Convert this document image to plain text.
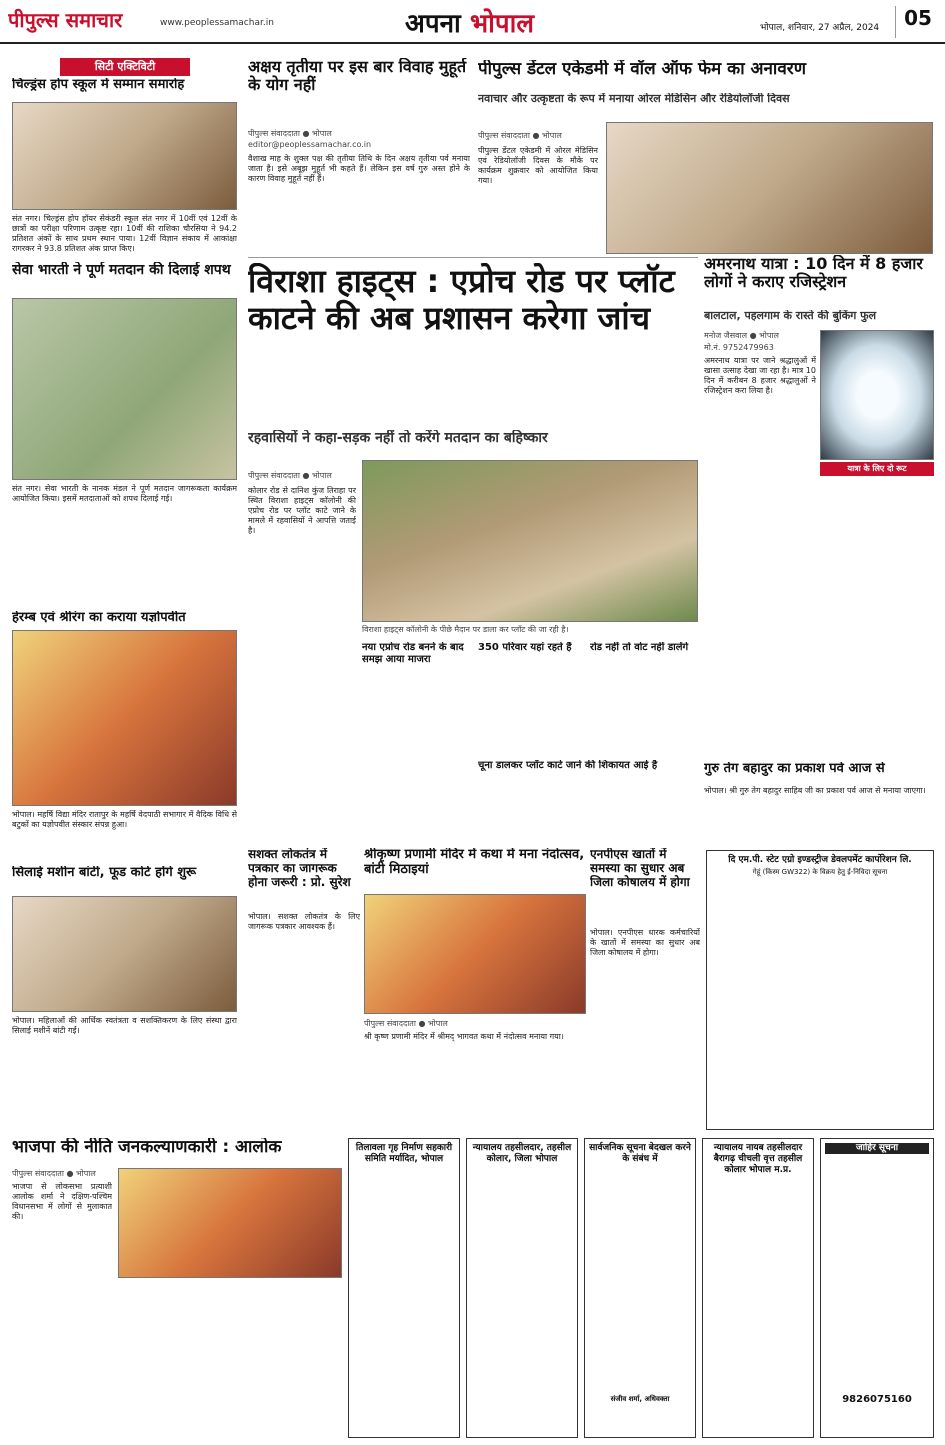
पीपुल्स समाचार	www.peoplessamachar.in	अपना भोपाल	भोपाल, शनिवार, 27 अप्रैल, 2024	05
सिटी एक्टिविटी
चिल्ड्रंस होप स्कूल में सम्मान समारोह
संत नगर। चिल्ड्रंस होप हॉयर सेकंडरी स्कूल संत नगर में 10वीं एवं 12वीं के छात्रों का परीक्षा परिणाम उत्कृष्ट रहा। 10वीं की राशिका चौरसिया ने 94.2 प्रतिशत अंकों के साथ प्रथम स्थान पाया। 12वीं विज्ञान संकाय में आकांक्षा रागरकर ने 93.8 प्रतिशत अंक प्राप्त किए।
सेवा भारती ने पूर्ण मतदान की दिलाई शपथ
संत नगर। सेवा भारती के नानक मंडल ने पूर्ण मतदान जागरूकता कार्यक्रम आयोजित किया। इसमें मतदाताओं को शपथ दिलाई गई।
हेरम्ब एवं श्रीरंग का कराया यज्ञोपवीत
भोपाल। महर्षि विद्या मंदिर रातापुर के महर्षि वेदपाठी सभागार में वैदिक विधि से बटुकों का यज्ञोपवीत संस्कार संपन्न हुआ।
सिलाई मशीन बांटी, फूड कोर्ट होंगे शुरू
भोपाल। महिलाओं की आर्थिक स्वतंत्रता व सशक्तिकरण के लिए संस्था द्वारा सिलाई मशीनें बांटी गईं।
अक्षय तृतीया पर इस बार विवाह मुहूर्त के योग नहीं
पीपुल्स संवाददाता ● भोपाल
editor@peoplessamachar.co.in
वैशाख माह के शुक्ल पक्ष की तृतीया तिथि के दिन अक्षय तृतीया पर्व मनाया जाता है। इसे अबूझ मुहूर्त भी कहते हैं। लेकिन इस वर्ष गुरु अस्त होने के कारण विवाह मुहूर्त नहीं हैं।
पीपुल्स डेंटल एकेडमी में वॉल ऑफ फेम का अनावरण
नवाचार और उत्कृष्टता के रूप में मनाया ओरल मेडिसिन और रेडियोलॉजी दिवस
पीपुल्स संवाददाता ● भोपाल
पीपुल्स डेंटल एकेडमी में ओरल मेडिसिन एवं रेडियोलॉजी दिवस के मौके पर कार्यक्रम शुक्रवार को आयोजित किया गया।
विराशा हाइट्स : एप्रोच रोड पर प्लॉट काटने की अब प्रशासन करेगा जांच
रहवासियों ने कहा-सड़क नहीं तो करेंगे मतदान का बहिष्कार
पीपुल्स संवाददाता ● भोपाल
कोलार रोड से दानिश कुंज तिराहा पर स्थित विराशा हाइट्स कॉलोनी की एप्रोच रोड पर प्लॉट काटे जाने के मामले में रहवासियों ने आपत्ति जताई है।
विराशा हाइट्स कॉलोनी के पीछे मैदान पर डाला कर प्लॉट की जा रही है।
नया एप्रोच रोड बनने के बाद समझ आया माजरा
350 परिवार यहां रहते हैं	रोड नहीं तो वोट नहीं डालेंगे
चूना डालकर प्लॉट काटे जाने की शिकायत आई है
अमरनाथ यात्रा : 10 दिन में 8 हजार लोगों ने कराए रजिस्ट्रेशन
बालटाल, पहलगाम के रास्ते की बुकिंग फुल
मनोज जैसवाल ● भोपाल
मो.नं. 9752479963
अमरनाथ यात्रा पर जाने श्रद्धालुओं में खासा उत्साह देखा जा रहा है। मात्र 10 दिन में करीबन 8 हजार श्रद्धालुओं ने रजिस्ट्रेशन करा लिया है।
यात्रा के लिए दो रूट
गुरु तेग बहादुर का प्रकाश पर्व आज से
भोपाल। श्री गुरु तेग बहादुर साहिब जी का प्रकाश पर्व आज से मनाया जाएगा।
दि एम.पी. स्टेट एग्रो इण्डस्ट्रीज डेवलपमेंट कार्पोरेशन लि.
गेहूं (किस्म GW322) के विक्रय हेतु ई-निविदा सूचना
सशक्त लोकतंत्र में पत्रकार का जागरूक होना जरूरी : प्रो. सुरेश
भोपाल। सशक्त लोकतंत्र के लिए जागरूक पत्रकार आवश्यक हैं।
श्रीकृष्ण प्रणामी मंदिर में कथा में मना नंदोत्सव, बांटी मिठाइयां
पीपुल्स संवाददाता ● भोपाल
श्री कृष्ण प्रणामी मंदिर में श्रीमद् भागवत कथा में नंदोत्सव मनाया गया।
एनपीएस खातों में समस्या का सुधार अब जिला कोषालय में होगा
भोपाल। एनपीएस धारक कर्मचारियों के खातों में समस्या का सुधार अब जिला कोषालय में होगा।
भाजपा की नीति जनकल्याणकारी : आलोक
पीपुल्स संवाददाता ● भोपाल
भाजपा से लोकसभा प्रत्याशी आलोक शर्मा ने दक्षिण-पश्चिम विधानसभा में लोगों से मुलाकात की।
तिलावला गृह निर्माण सहकारी समिति मर्यादित, भोपाल
न्यायालय तहसीलदार, तहसील कोलार, जिला भोपाल
सार्वजनिक सूचना बेदखल करने के संबंध में
संजीव शर्मा, अधिवक्ता
न्यायालय नायब तहसीलदार बैरागढ़ चीचली वृत्त तहसील कोलार भोपाल म.प्र.
जाहिर सूचना
9826075160
